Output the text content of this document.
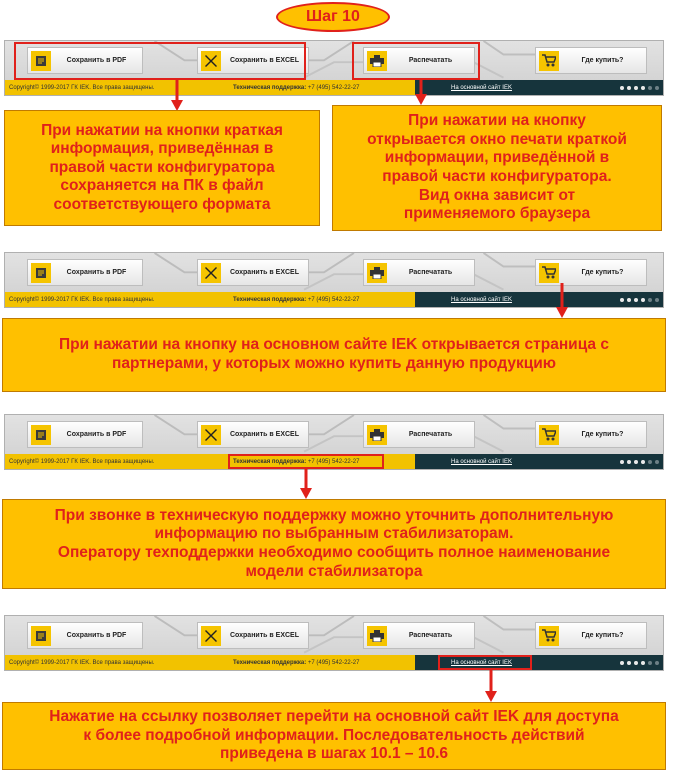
Шаг 10
Сохранить в PDF	Сохранить в EXCEL	Распечатать	Где купить?
Copyright© 1999-2017 ГК IEK. Все права защищены.	Техническая поддержка: +7 (495) 542-22-27	На основной сайт IEK
Сохранить в PDF	Сохранить в EXCEL	Распечатать	Где купить?
Copyright© 1999-2017 ГК IEK. Все права защищены.	Техническая поддержка: +7 (495) 542-22-27	На основной сайт IEK
Сохранить в PDF	Сохранить в EXCEL	Распечатать	Где купить?
Copyright© 1999-2017 ГК IEK. Все права защищены.	Техническая поддержка: +7 (495) 542-22-27	На основной сайт IEK
Сохранить в PDF	Сохранить в EXCEL	Распечатать	Где купить?
Copyright© 1999-2017 ГК IEK. Все права защищены.	Техническая поддержка: +7 (495) 542-22-27	На основной сайт IEK
При нажатии на кнопки краткая
информация, приведённая в
правой части конфигуратора
сохраняется на ПК в файл
соответствующего формата
При нажатии на кнопку
открывается окно печати краткой
информации, приведённой в
правой части конфигуратора.
Вид окна зависит от
применяемого браузера
При нажатии на кнопку на основном сайте IEK открывается страница с
партнерами, у которых можно купить данную продукцию
При звонке в техническую поддержку можно уточнить дополнительную
информацию по выбранным стабилизаторам.
Оператору техподдержки необходимо сообщить полное наименование
модели стабилизатора
Нажатие на ссылку позволяет перейти на основной сайт IEK для доступа
к более подробной информации. Последовательность действий
приведена в шагах 10.1 – 10.6
